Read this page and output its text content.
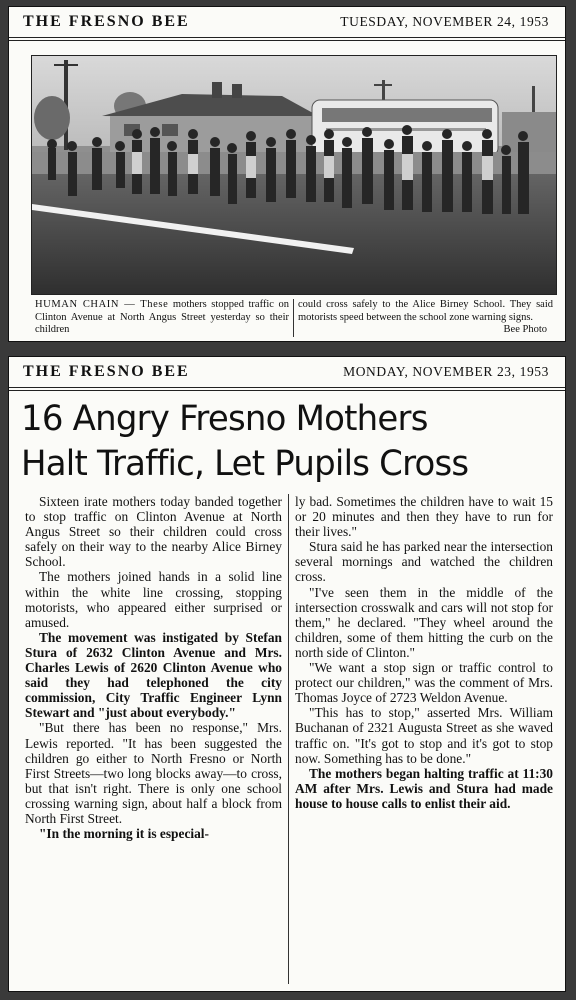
THE FRESNO BEE	TUESDAY, NOVEMBER 24, 1953
HUMAN CHAIN — These mothers stopped traffic on Clinton Avenue at North Angus Street yesterday so their children
could cross safely to the Alice Birney School. They said motorists speed between the school zone warning signs.
Bee Photo
THE FRESNO BEE	MONDAY, NOVEMBER 23, 1953
16 Angry Fresno Mothers
Halt Traffic, Let Pupils Cross

Sixteen irate mothers today banded together to stop traffic on Clinton Avenue at North Angus Street so their children could cross safely on their way to the nearby Alice Birney School.

The mothers joined hands in a solid line within the white line crossing, stopping motorists, who appeared either surprised or amused.

The movement was instigated by Stefan Stura of 2632 Clinton Avenue and Mrs. Charles Lewis of 2620 Clinton Avenue who said they had telephoned the city commission, City Traffic Engineer Lynn Stewart and "just about everybody."

"But there has been no response," Mrs. Lewis reported. "It has been suggested the children go either to North Fresno or North First Streets—two long blocks away—to cross, but that isn't right. There is only one school crossing warning sign, about half a block from North First Street.

"In the morning it is especial-

ly bad. Sometimes the children have to wait 15 or 20 minutes and then they have to run for their lives."

Stura said he has parked near the intersection several mornings and watched the children cross.

"I've seen them in the middle of the intersection crosswalk and cars will not stop for them," he declared. "They wheel around the children, some of them hitting the curb on the north side of Clinton."

"We want a stop sign or traffic control to protect our children," was the comment of Mrs. Thomas Joyce of 2723 Weldon Avenue.

"This has to stop," asserted Mrs. William Buchanan of 2321 Augusta Street as she waved traffic on. "It's got to stop and it's got to stop now. Something has to be done."

The mothers began halting traffic at 11:30 AM after Mrs. Lewis and Stura had made house to house calls to enlist their aid.
